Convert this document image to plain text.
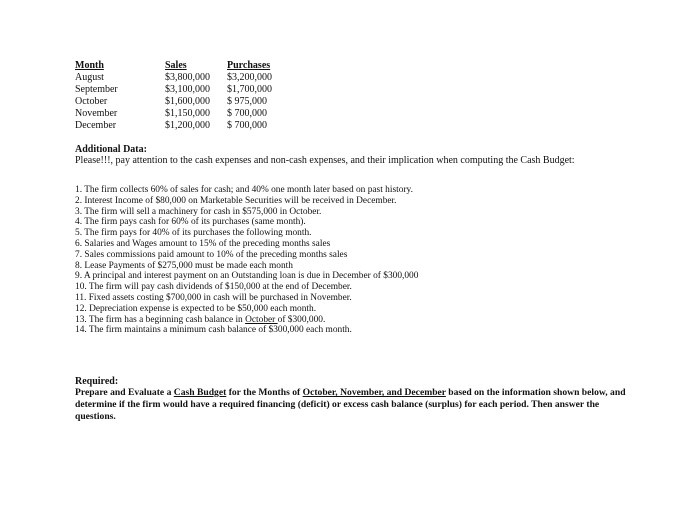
Month	Sales	Purchases
August	$3,800,000 $3,200,000
September	$3,100,000 $1,700,000
October	$1,600,000 $ 975,000
November	$1,150,000 $ 700,000
December	$1,200,000 $ 700,000
Additional Data:
Please!!!, pay attention to the cash expenses and non-cash expenses, and their implication when computing the Cash Budget:
1. The firm collects 60% of sales for cash; and 40% one month later based on past history.
2. Interest Income of $80,000 on Marketable Securities will be received in December.
3. The firm will sell a machinery for cash in $575,000 in October.
4. The firm pays cash for 60% of its purchases (same month).
5. The firm pays for 40% of its purchases the following month.
6. Salaries and Wages amount to 15% of the preceding months sales
7. Sales commissions paid amount to 10% of the preceding months sales
8. Lease Payments of $275,000 must be made each month
9. A principal and interest payment on an Outstanding loan is due in December of $300,000
10. The firm will pay cash dividends of $150,000 at the end of December.
11. Fixed assets costing $700,000 in cash will be purchased in November.
12. Depreciation expense is expected to be $50,000 each month.
13. The firm has a beginning cash balance in October of $300,000.
14. The firm maintains a minimum cash balance of $300,000 each month.
Required:
Prepare and Evaluate a Cash Budget for the Months of October, November, and December based on the information shown below, and determine if the firm would have a required financing (deficit) or excess cash balance (surplus) for each period. Then answer the questions.
